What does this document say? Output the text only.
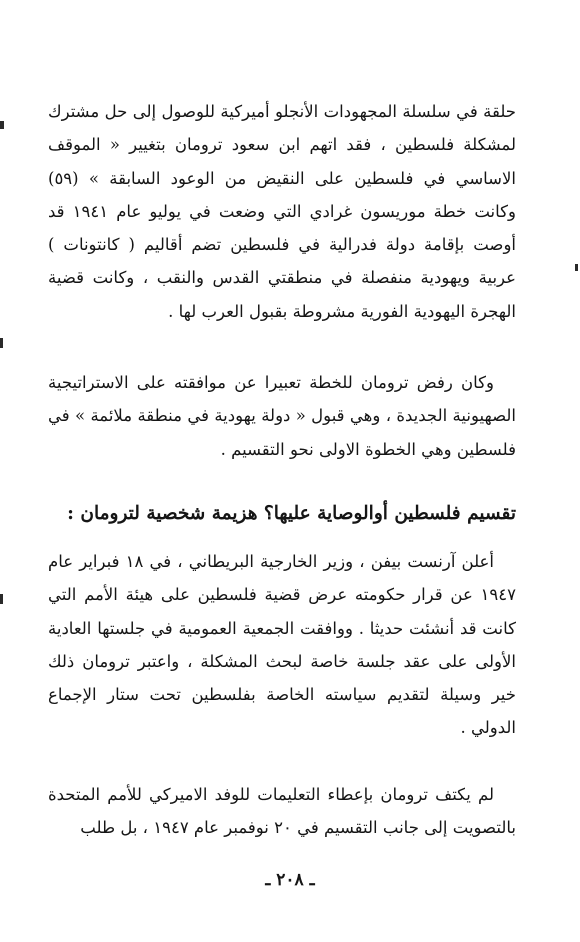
حلقة في سلسلة المجهودات الأنجلو أميركية للوصول إلى حل مشترك لمشكلة فلسطين ، فقد اتهم ابن سعود ترومان بتغيير « الموقف الاساسي في فلسطين على النقيض من الوعود السابقة » (٥٩) وكانت خطة موريسون غرادي التي وضعت في يوليو عام ١٩٤١ قد أوصت بإقامة دولة فدرالية في فلسطين تضم أقاليم ( كانتونات ) عربية ويهودية منفصلة في منطقتي القدس والنقب ، وكانت قضية الهجرة اليهودية الفورية مشروطة بقبول العرب لها .

وكان رفض ترومان للخطة تعبيرا عن موافقته على الاستراتيجية الصهيونية الجديدة ، وهي قبول « دولة يهودية في منطقة ملائمة » في فلسطين وهي الخطوة الاولى نحو التقسيم .

تقسيم فلسطين أوالوصاية عليها؟ هزيمة شخصية لترومان :

أعلن آرنست بيفن ، وزير الخارجية البريطاني ، في ١٨ فبراير عام ١٩٤٧ عن قرار حكومته عرض قضية فلسطين على هيئة الأمم التي كانت قد أنشئت حديثا . ووافقت الجمعية العمومية في جلستها العادية الأولى على عقد جلسة خاصة لبحث المشكلة ، واعتبر ترومان ذلك خير وسيلة لتقديم سياسته الخاصة بفلسطين تحت ستار الإجماع الدولي .

لم يكتف ترومان بإعطاء التعليمات للوفد الاميركي للأمم المتحدة بالتصويت إلى جانب التقسيم في ٢٠ نوفمبر عام ١٩٤٧ ، بل طلب

ـ ٢٠٨ ـ
